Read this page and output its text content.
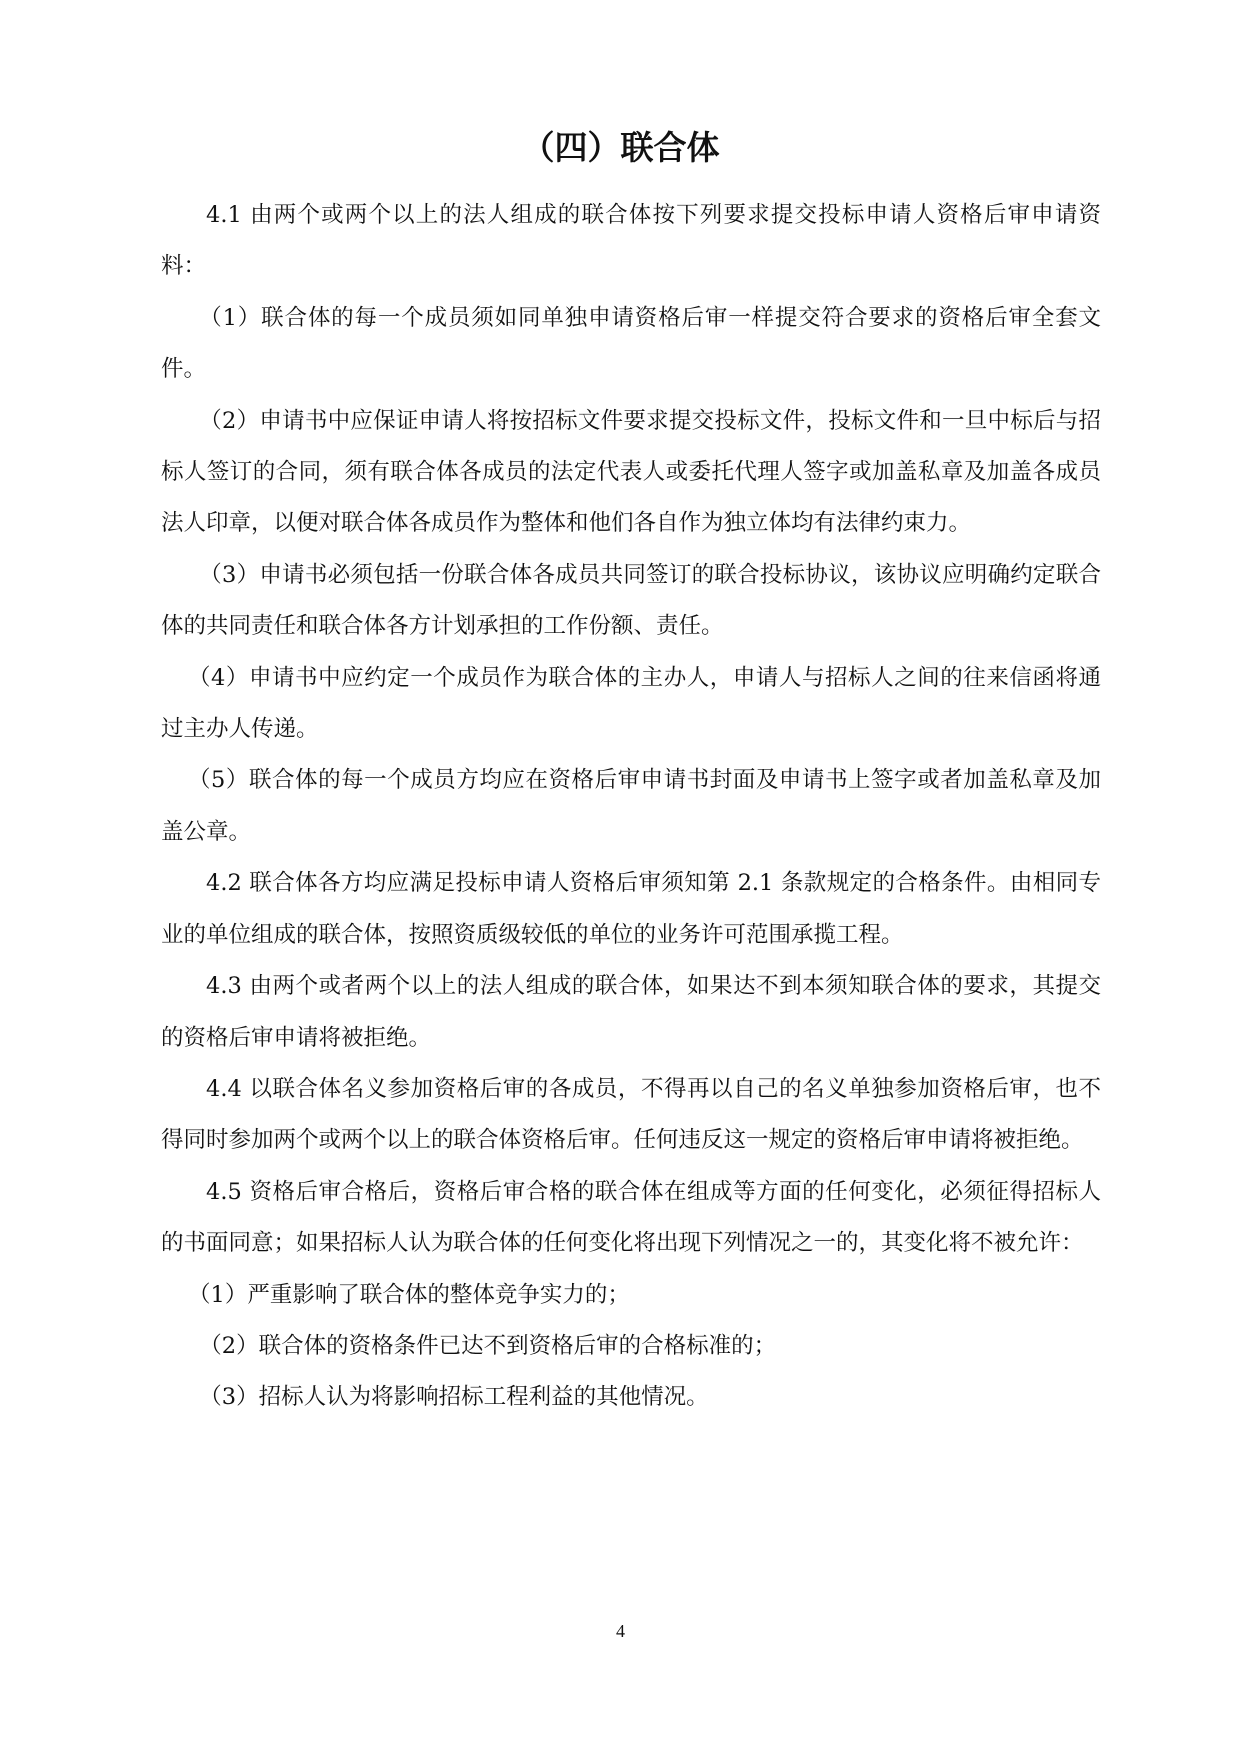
（四）联合体

4.1 由两个或两个以上的法人组成的联合体按下列要求提交投标申请人资格后审申请资料：

（1）联合体的每一个成员须如同单独申请资格后审一样提交符合要求的资格后审全套文件。

（2）申请书中应保证申请人将按招标文件要求提交投标文件，投标文件和一旦中标后与招标人签订的合同，须有联合体各成员的法定代表人或委托代理人签字或加盖私章及加盖各成员法人印章，以便对联合体各成员作为整体和他们各自作为独立体均有法律约束力。

（3）申请书必须包括一份联合体各成员共同签订的联合投标协议，该协议应明确约定联合体的共同责任和联合体各方计划承担的工作份额、责任。

（4）申请书中应约定一个成员作为联合体的主办人，申请人与招标人之间的往来信函将通过主办人传递。

（5）联合体的每一个成员方均应在资格后审申请书封面及申请书上签字或者加盖私章及加盖公章。

4.2 联合体各方均应满足投标申请人资格后审须知第 2.1 条款规定的合格条件。由相同专业的单位组成的联合体，按照资质级较低的单位的业务许可范围承揽工程。

4.3 由两个或者两个以上的法人组成的联合体，如果达不到本须知联合体的要求，其提交的资格后审申请将被拒绝。

4.4 以联合体名义参加资格后审的各成员，不得再以自己的名义单独参加资格后审，也不得同时参加两个或两个以上的联合体资格后审。任何违反这一规定的资格后审申请将被拒绝。

4.5 资格后审合格后，资格后审合格的联合体在组成等方面的任何变化，必须征得招标人的书面同意；如果招标人认为联合体的任何变化将出现下列情况之一的，其变化将不被允许：

（1）严重影响了联合体的整体竞争实力的；

（2）联合体的资格条件已达不到资格后审的合格标准的；

（3）招标人认为将影响招标工程利益的其他情况。

4
